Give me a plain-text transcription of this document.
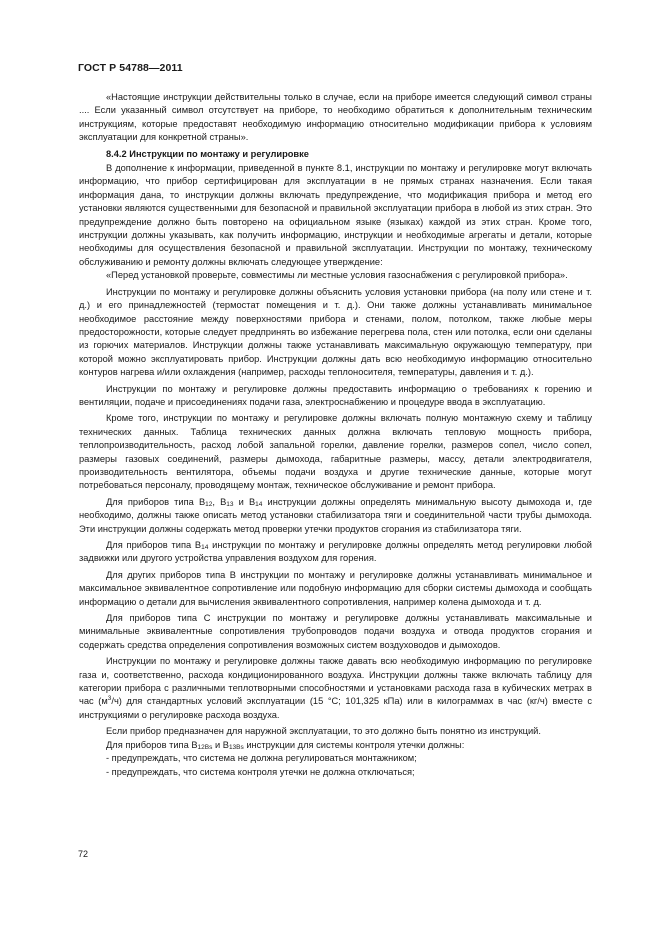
ГОСТ Р 54788—2011

«Настоящие инструкции действительны только в случае, если на приборе имеется следующий символ страны .... Если указанный символ отсутствует на приборе, то необходимо обратиться к дополнительным техническим инструкциям, которые предоставят необходимую информацию относительно модификации прибора к условиям эксплуатации для конкретной страны».

8.4.2 Инструкции по монтажу и регулировке

В дополнение к информации, приведенной в пункте 8.1, инструкции по монтажу и регулировке могут включать информацию, что прибор сертифицирован для эксплуатации в не прямых странах назначения. Если такая информация дана, то инструкции должны включать предупреждение, что модификация прибора и метод его установки являются существенными для безопасной и правильной эксплуатации прибора в любой из этих стран. Это предупреждение должно быть повторено на официальном языке (языках) каждой из этих стран. Кроме того, инструкции должны указывать, как получить информацию, инструкции и необходимые агрегаты и детали, которые необходимы для осуществления безопасной и правильной эксплуатации. Инструкции по монтажу, техническому обслуживанию и ремонту должны включать следующее утверждение:

«Перед установкой проверьте, совместимы ли местные условия газоснабжения с регулировкой прибора».

Инструкции по монтажу и регулировке должны объяснить условия установки прибора (на полу или стене и т. д.) и его принадлежностей (термостат помещения и т. д.). Они также должны устанавливать минимальное необходимое расстояние между поверхностями прибора и стенами, полом, потолком, также любые меры предосторожности, которые следует предпринять во избежание перегрева пола, стен или потолка, если они сделаны из горючих материалов. Инструкции должны также устанавливать максимальную окружающую температуру, при которой можно эксплуатировать прибор. Инструкции должны дать всю необходимую информацию относительно контуров нагрева и/или охлаждения (например, расходы теплоносителя, температуры, давления и т. д.).

Инструкции по монтажу и регулировке должны предоставить информацию о требованиях к горению и вентиляции, подаче и присоединениях подачи газа, электроснабжению и процедуре ввода в эксплуатацию.

Кроме того, инструкции по монтажу и регулировке должны включать полную монтажную схему и таблицу технических данных. Таблица технических данных должна включать тепловую мощность прибора, теплопроизводительность, расход лобой запальной горелки, давление горелки, размеров сопел, число сопел, размеры газовых соединений, размеры дымохода, габаритные размеры, массу, детали электродвигателя, производительность вентилятора, объемы подачи воздуха и другие технические данные, которые могут потребоваться персоналу, проводящему монтаж, техническое обслуживание и ремонт прибора.

Для приборов типа $B_{12}$, $B_{13}$ и $B_{14}$ инструкции должны определять минимальную высоту дымохода и, где необходимо, должны также описать метод установки стабилизатора тяги и соединительной части трубы дымохода. Эти инструкции должны содержать метод проверки утечки продуктов сгорания из стабилизатора тяги.

Для приборов типа $B_{14}$ инструкции по монтажу и регулировке должны определять метод регулировки любой задвижки или другого устройства управления воздухом для горения.

Для других приборов типа B инструкции по монтажу и регулировке должны устанавливать минимальное и максимальное эквивалентное сопротивление или подобную информацию для сборки системы дымохода и сообщать информацию о детали для вычисления эквивалентного сопротивления, например колена дымохода и т. д.

Для приборов типа C инструкции по монтажу и регулировке должны устанавливать максимальные и минимальные эквивалентные сопротивления трубопроводов подачи воздуха и отвода продуктов сгорания и содержать средства определения сопротивления возможных систем воздуховодов и дымоходов.

Инструкции по монтажу и регулировке должны также давать всю необходимую информацию по регулировке газа и, соответственно, расхода кондиционированного воздуха. Инструкции должны также включать таблицу для категории прибора с различными теплотворными способностями и установками расхода газа в кубических метрах в час $(м^3/ч)$ для стандартных условий эксплуатации (15 °C; 101,325 кПа) или в килограммах в час (кг/ч) вместе с инструкциями о регулировке расхода воздуха.

Если прибор предназначен для наружной эксплуатации, то это должно быть понятно из инструкций.

Для приборов типа $B_{12Bs}$ и $B_{13Bs}$ инструкции для системы контроля утечки должны:

- предупреждать, что система не должна регулироваться монтажником;

- предупреждать, что система контроля утечки не должна отключаться;

72
